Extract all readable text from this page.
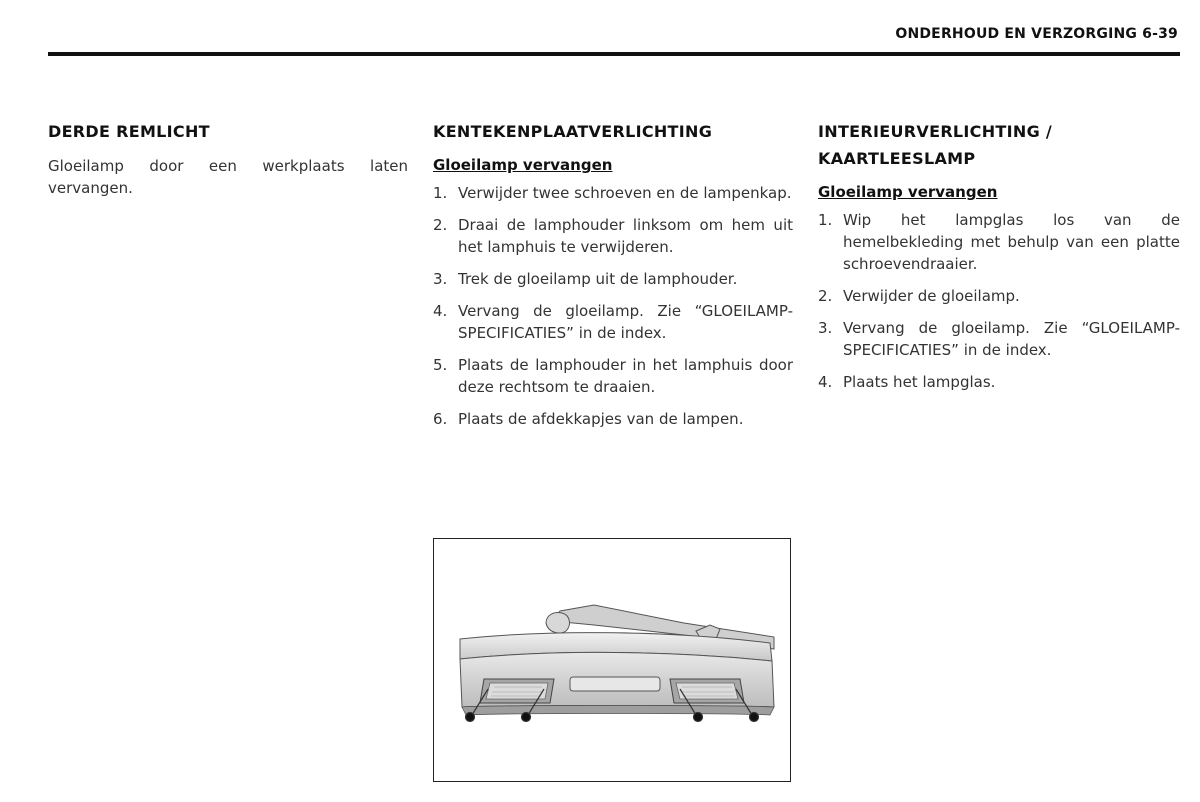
ONDERHOUD EN VERZORGING 6-39
DERDE REMLICHT

Gloeilamp door een werkplaats laten vervangen.

KENTEKENPLAATVERLICHTING
Gloeilamp vervangen
1. Verwijder twee schroeven en de lampenkap.
2. Draai de lamphouder linksom om hem uit het lamphuis te verwijderen.
3. Trek de gloeilamp uit de lamphouder.
4. Vervang de gloeilamp. Zie “GLOEILAMP-SPECIFICATIES” in de index.
5. Plaats de lamphouder in het lamphuis door deze rechtsom te draaien.
6. Plaats de afdekkapjes van de lampen.
INTERIEURVERLICHTING / KAARTLEESLAMP
Gloeilamp vervangen
1. Wip het lampglas los van de hemelbekleding met behulp van een platte schroevendraaier.
2. Verwijder de gloeilamp.
3. Vervang de gloeilamp. Zie “GLOEILAMP-SPECIFICATIES” in de index.
4. Plaats het lampglas.
